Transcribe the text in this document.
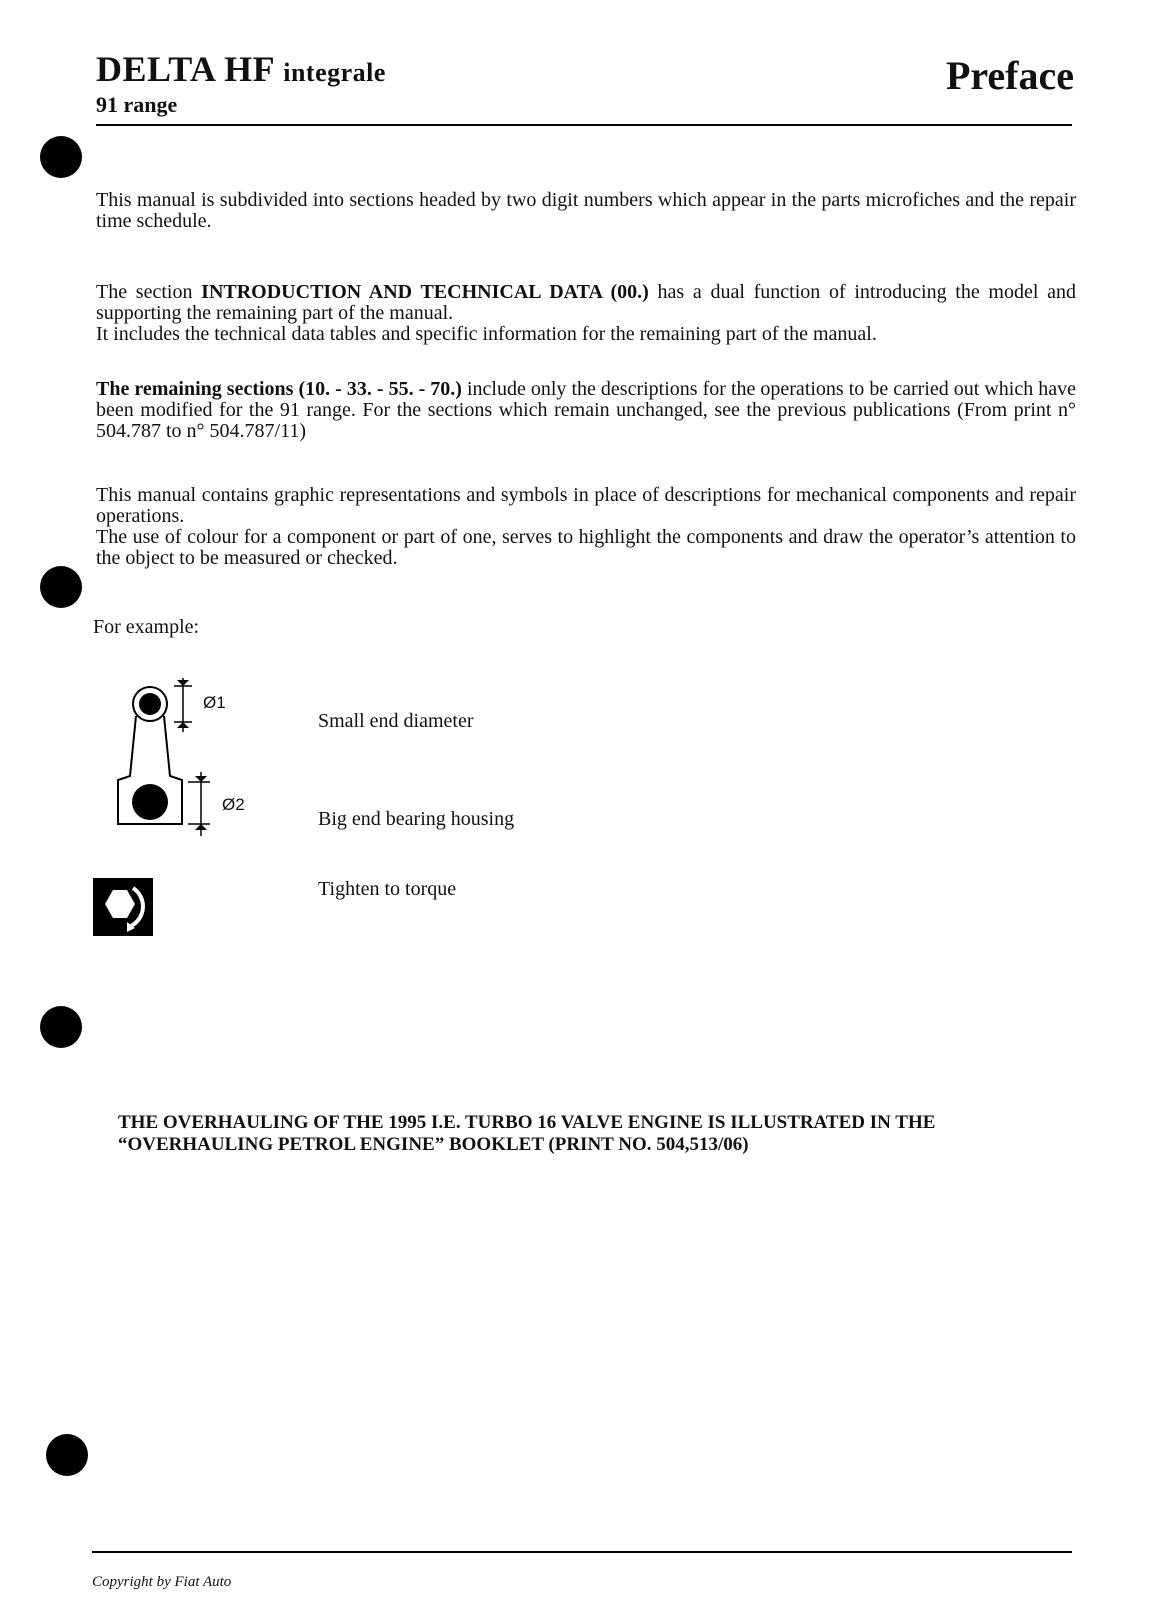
DELTA HF integrale
91 range
Preface
This manual is subdivided into sections headed by two digit numbers which appear in the parts microfiches and the repair time schedule.
The section INTRODUCTION AND TECHNICAL DATA (00.) has a dual function of introducing the model and supporting the remaining part of the manual.
It includes the technical data tables and specific information for the remaining part of the manual.
The remaining sections (10. - 33. - 55. - 70.) include only the descriptions for the operations to be carried out which have been modified for the 91 range. For the sections which remain unchanged, see the previous publications (From print n° 504.787 to n° 504.787/11)
This manual contains graphic representations and symbols in place of descriptions for mechanical components and repair operations.
The use of colour for a component or part of one, serves to highlight the components and draw the operator’s attention to the object to be measured or checked.
For example:
Ø1
Ø2
Small end diameter
Big end bearing housing
Tighten to torque
THE OVERHAULING OF THE 1995 I.E. TURBO 16 VALVE ENGINE IS ILLUSTRATED IN THE “OVERHAULING PETROL ENGINE” BOOKLET (PRINT NO. 504,513/06)
Copyright by Fiat Auto
